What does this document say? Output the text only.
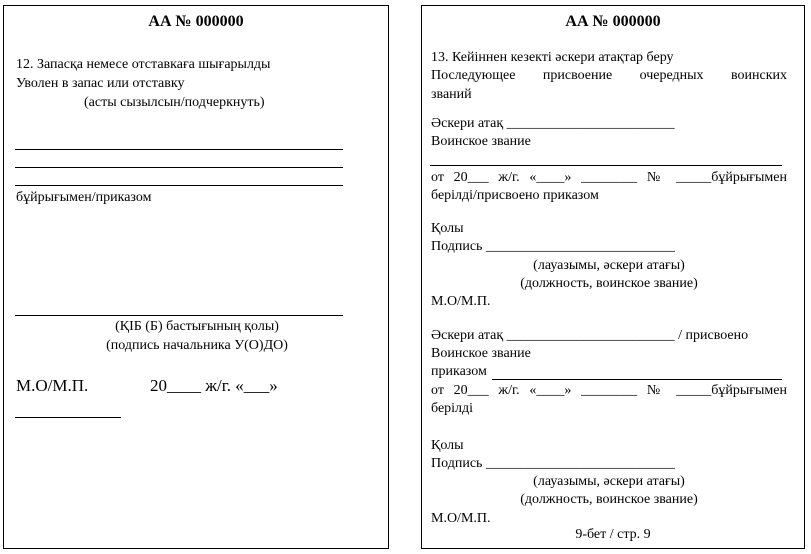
АА № 000000
12. Запасқа немесе отставкаға шығарылды
Уволен в запас или отставку
(асты сызылсын/подчеркнуть)
бұйрығымен/приказом
(ҚІБ (Б) бастығының қолы)
(подпись начальника У(О)ДО)
М.О/М.П.	20____ ж/г. «___»
АА № 000000
13. Кейіннен кезекті әскери атақтар беру
Последующее присвоение очередных воинских
званий
Әскери атақ ________________________
Воинское звание
от 20___ ж/г. «____» ________ № _____бұйрығымен
берілді/присвоено приказом
Қолы
Подпись ___________________________
(лауазымы, әскери атағы)
(должность, воинское звание)
М.О/М.П.
Әскери атақ ________________________ / присвоено
Воинское звание
приказом
от 20___ ж/г. «____» ________ № _____бұйрығымен
берілді
Қолы
Подпись ___________________________
(лауазымы, әскери атағы)
(должность, воинское звание)
М.О/М.П.
9-бет / стр. 9
